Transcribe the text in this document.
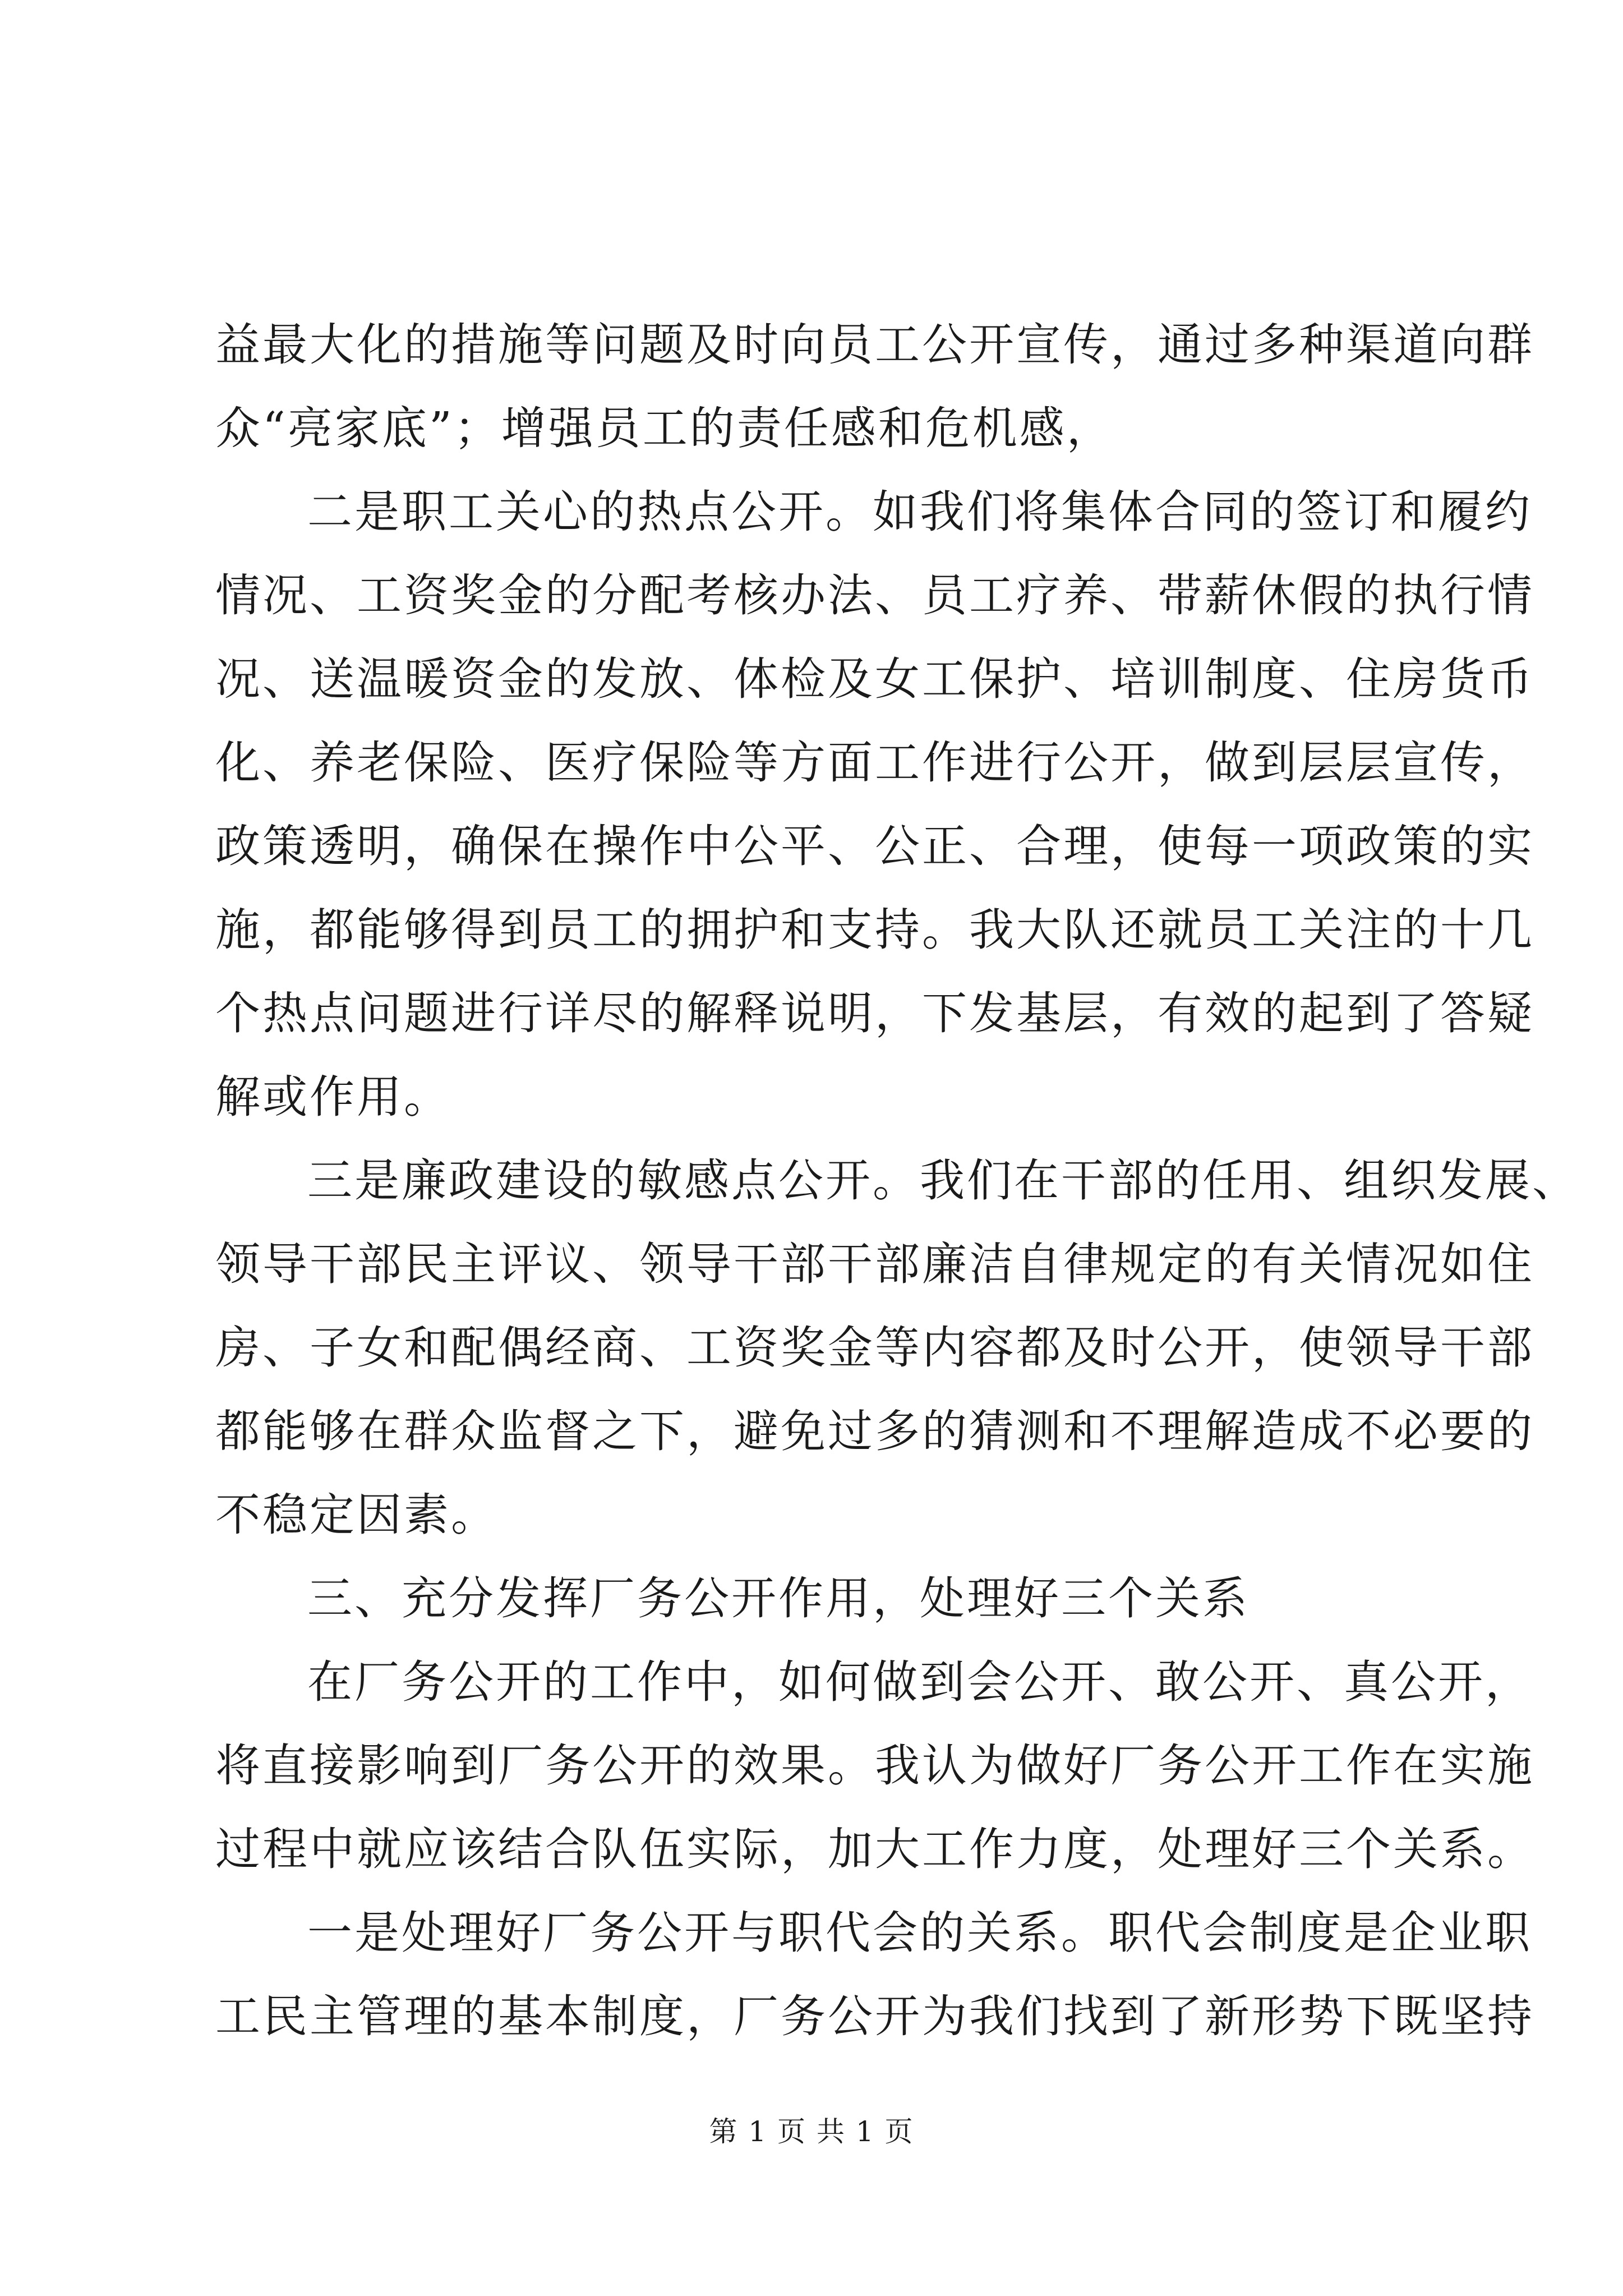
益最大化的措施等问题及时向员工公开宣传，通过多种渠道向群
众“亮家底”；增强员工的责任感和危机感，
二是职工关心的热点公开。如我们将集体合同的签订和履约
情况、工资奖金的分配考核办法、员工疗养、带薪休假的执行情
况、送温暖资金的发放、体检及女工保护、培训制度、住房货币
化、养老保险、医疗保险等方面工作进行公开，做到层层宣传，
政策透明，确保在操作中公平、公正、合理，使每一项政策的实
施，都能够得到员工的拥护和支持。我大队还就员工关注的十几
个热点问题进行详尽的解释说明，下发基层，有效的起到了答疑
解或作用。
三是廉政建设的敏感点公开。我们在干部的任用、组织发展、
领导干部民主评议、领导干部干部廉洁自律规定的有关情况如住
房、子女和配偶经商、工资奖金等内容都及时公开，使领导干部
都能够在群众监督之下，避免过多的猜测和不理解造成不必要的
不稳定因素。
三、充分发挥厂务公开作用，处理好三个关系
在厂务公开的工作中，如何做到会公开、敢公开、真公开，
将直接影响到厂务公开的效果。我认为做好厂务公开工作在实施
过程中就应该结合队伍实际，加大工作力度，处理好三个关系。
一是处理好厂务公开与职代会的关系。职代会制度是企业职
工民主管理的基本制度，厂务公开为我们找到了新形势下既坚持
第 1 页 共 1 页
